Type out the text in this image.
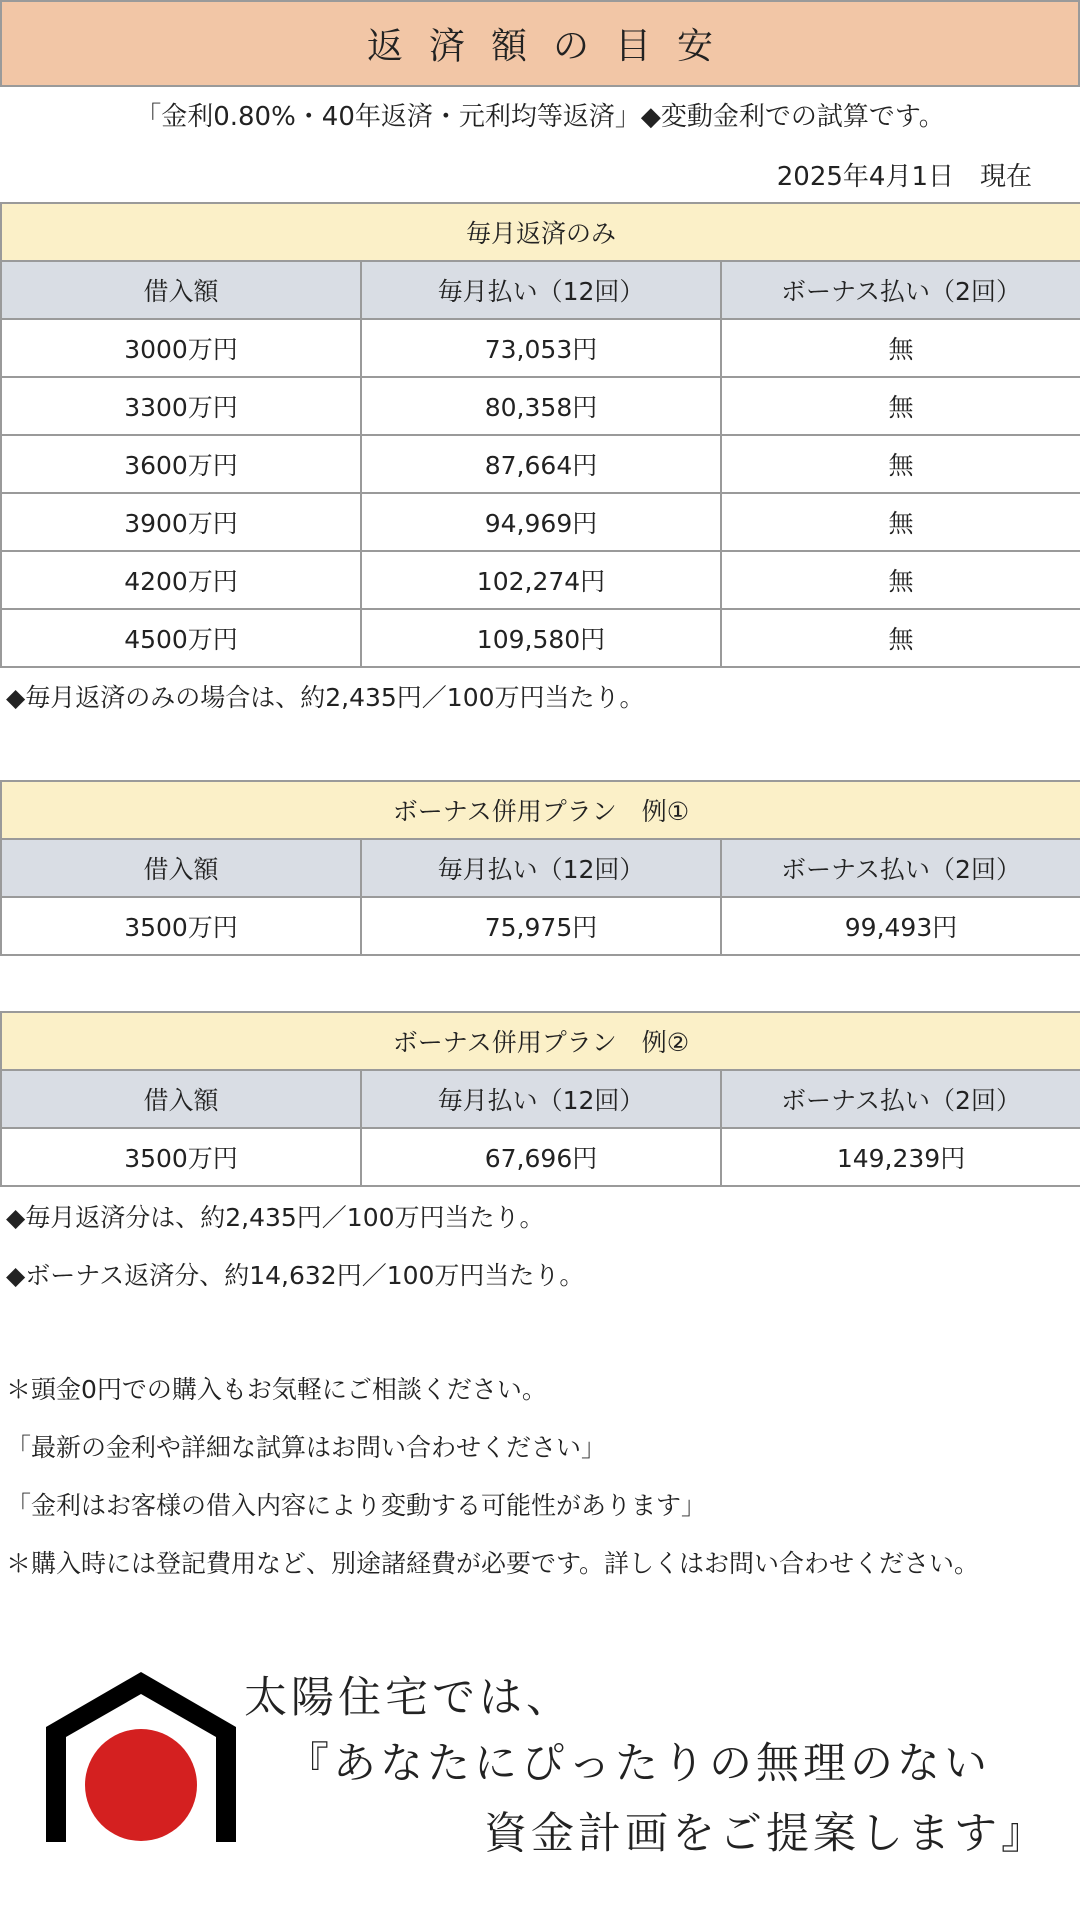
返済額の目安
「金利0.80%・40年返済・元利均等返済」◆変動金利での試算です。
2025年4月1日　現在
毎月返済のみ		
借入額	毎月払い（12回）	ボーナス払い（2回）
3000万円	73,053円	無
3300万円	80,358円	無
3600万円	87,664円	無
3900万円	94,969円	無
4200万円	102,274円	無
4500万円	109,580円	無
◆毎月返済のみの場合は、約2,435円／100万円当たり。
ボーナス併用プラン　例①		
借入額	毎月払い（12回）	ボーナス払い（2回）
3500万円	75,975円	99,493円
ボーナス併用プラン　例②		
借入額	毎月払い（12回）	ボーナス払い（2回）
3500万円	67,696円	149,239円
◆毎月返済分は、約2,435円／100万円当たり。
◆ボーナス返済分、約14,632円／100万円当たり。
＊頭金0円での購入もお気軽にご相談ください。
「最新の金利や詳細な試算はお問い合わせください」
「金利はお客様の借入内容により変動する可能性があります」
＊購入時には登記費用など、別途諸経費が必要です。詳しくはお問い合わせください。
太陽住宅では、
『あなたにぴったりの無理のない
資金計画をご提案します』
